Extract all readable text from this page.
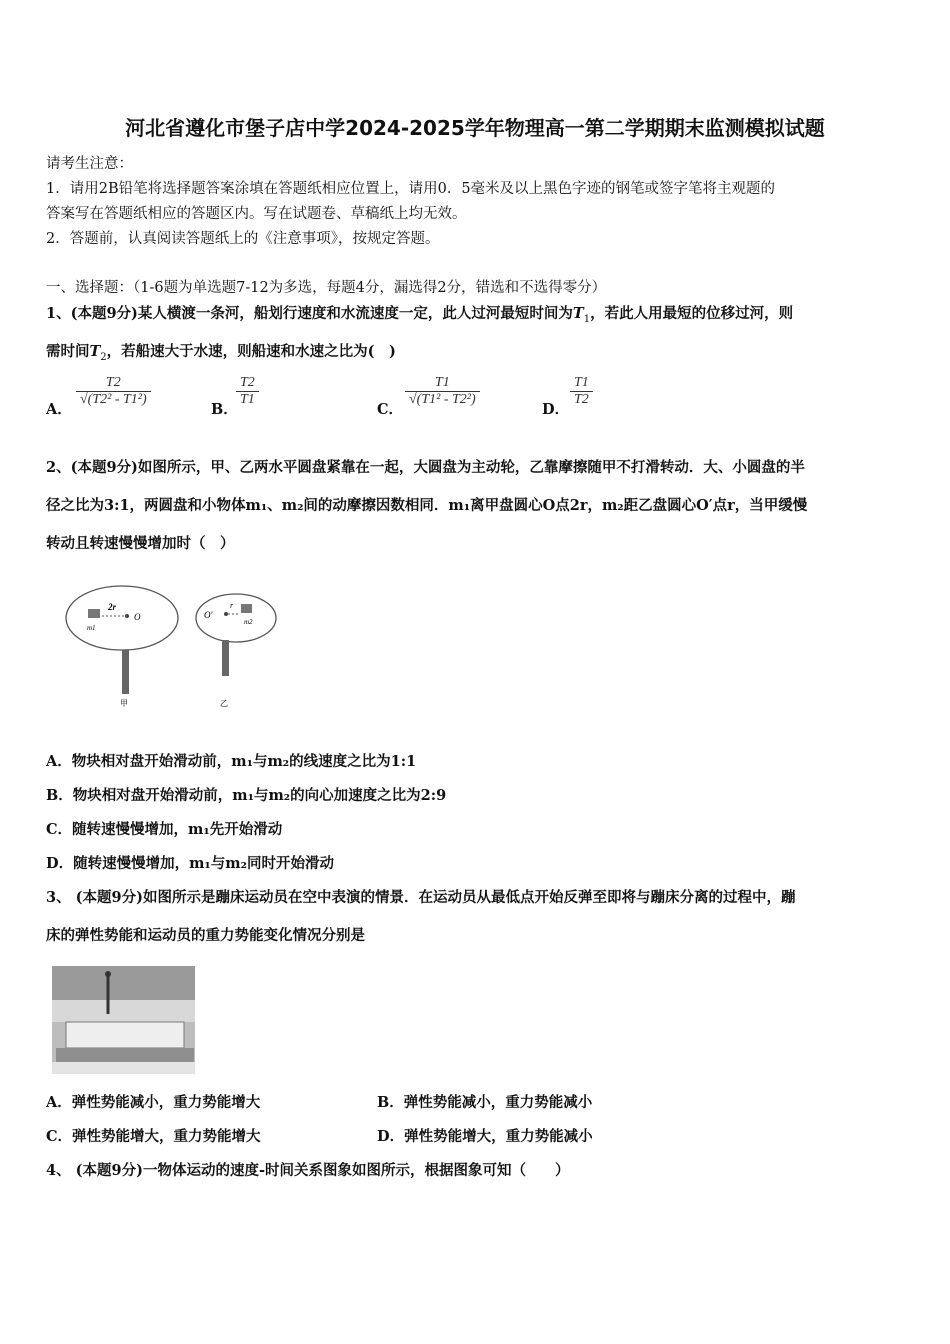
河北省遵化市堡子店中学2024-2025学年物理高一第二学期期末监测模拟试题
请考生注意：
1．请用2B铅笔将选择题答案涂填在答题纸相应位置上，请用0．5毫米及以上黑色字迹的钢笔或签字笔将主观题的
答案写在答题纸相应的答题区内。写在试题卷、草稿纸上均无效。
2．答题前，认真阅读答题纸上的《注意事项》，按规定答题。
一、选择题：（1-6题为单选题7-12为多选，每题4分，漏选得2分，错选和不选得零分）
1、(本题9分)某人横渡一条河，船划行速度和水流速度一定，此人过河最短时间为$T_1$，若此人用最短的位移过河，则
需时间$T_2$，若船速大于水速，则船速和水速之比为(　)
A．
$\frac{T2}{\text{√(T2² - T1²)}}$
B．
$\frac{T2}{T1}$
C．
$\frac{T1}{\text{√(T1² - T2²)}}$
D．
$\frac{T1}{T2}$
2、(本题9分)如图所示，甲、乙两水平圆盘紧靠在一起，大圆盘为主动轮，乙靠摩擦随甲不打滑转动．大、小圆盘的半
径之比为3:1，两圆盘和小物体m₁、m₂间的动摩擦因数相同．m₁离甲盘圆心O点2r，m₂距乙盘圆心O′点r，当甲缓慢
转动且转速慢慢增加时（　）
2r
O
m1
O′
r
m2
甲	乙
A．物块相对盘开始滑动前，m₁与m₂的线速度之比为1:1
B．物块相对盘开始滑动前，m₁与m₂的向心加速度之比为2:9
C．随转速慢慢增加，m₁先开始滑动
D．随转速慢慢增加，m₁与m₂同时开始滑动
3、 (本题9分)如图所示是蹦床运动员在空中表演的情景．在运动员从最低点开始反弹至即将与蹦床分离的过程中，蹦
床的弹性势能和运动员的重力势能变化情况分别是
A．弹性势能减小，重力势能增大	B．弹性势能减小，重力势能减小
C．弹性势能增大，重力势能增大	D．弹性势能增大，重力势能减小
4、 (本题9分)一物体运动的速度-时间关系图象如图所示，根据图象可知（　　）
